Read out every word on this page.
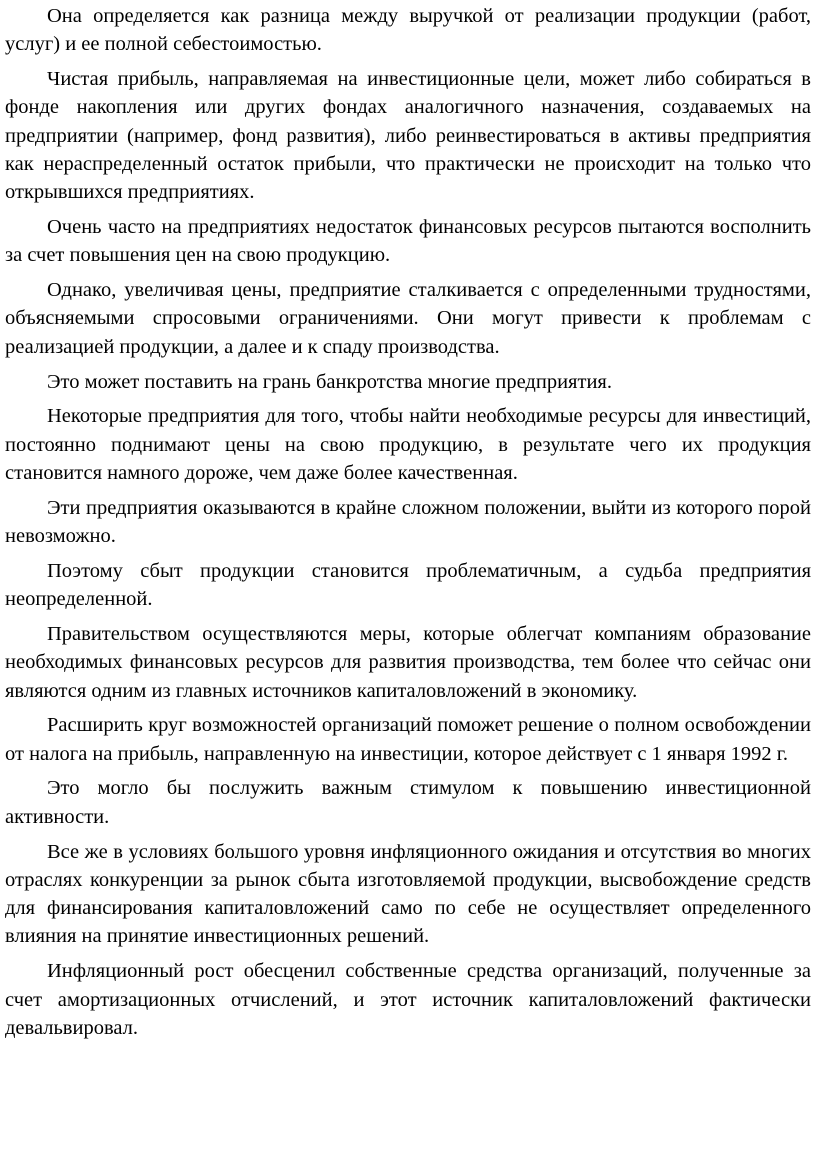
Она определяется как разница между выручкой от реализации продукции (работ, услуг) и ее полной себестоимостью.

Чистая прибыль, направляемая на инвестиционные цели, может либо собираться в фонде накопления или других фондах аналогичного назначения, создаваемых на предприятии (например, фонд развития), либо реинвестироваться в активы предприятия как нераспределенный остаток прибыли, что практически не происходит на только что открывшихся предприятиях.

Очень часто на предприятиях недостаток финансовых ресурсов пытаются восполнить за счет повышения цен на свою продукцию.

Однако, увеличивая цены, предприятие сталкивается с определенными трудностями, объясняемыми спросовыми ограничениями. Они могут привести к проблемам с реализацией продукции, а далее и к спаду производства.

Это может поставить на грань банкротства многие предприятия.

Некоторые предприятия для того, чтобы найти необходимые ресурсы для инвестиций, постоянно поднимают цены на свою продукцию, в результате чего их продукция становится намного дороже, чем даже более качественная.

Эти предприятия оказываются в крайне сложном положении, выйти из которого порой невозможно.

Поэтому сбыт продукции становится проблематичным, а судьба предприятия неопределенной.

Правительством осуществляются меры, которые облегчат компаниям образование необходимых финансовых ресурсов для развития производства, тем более что сейчас они являются одним из главных источников капиталовложений в экономику.

Расширить круг возможностей организаций поможет решение о полном освобождении от налога на прибыль, направленную на инвестиции, которое действует с 1 января 1992 г.

Это могло бы послужить важным стимулом к повышению инвестиционной активности.

Все же в условиях большого уровня инфляционного ожидания и отсутствия во многих отраслях конкуренции за рынок сбыта изготовляемой продукции, высвобождение средств для финансирования капиталовложений само по себе не осуществляет определенного влияния на принятие инвестиционных решений.

Инфляционный рост обесценил собственные средства организаций, полученные за счет амортизационных отчислений, и этот источник капиталовложений фактически девальвировал.
